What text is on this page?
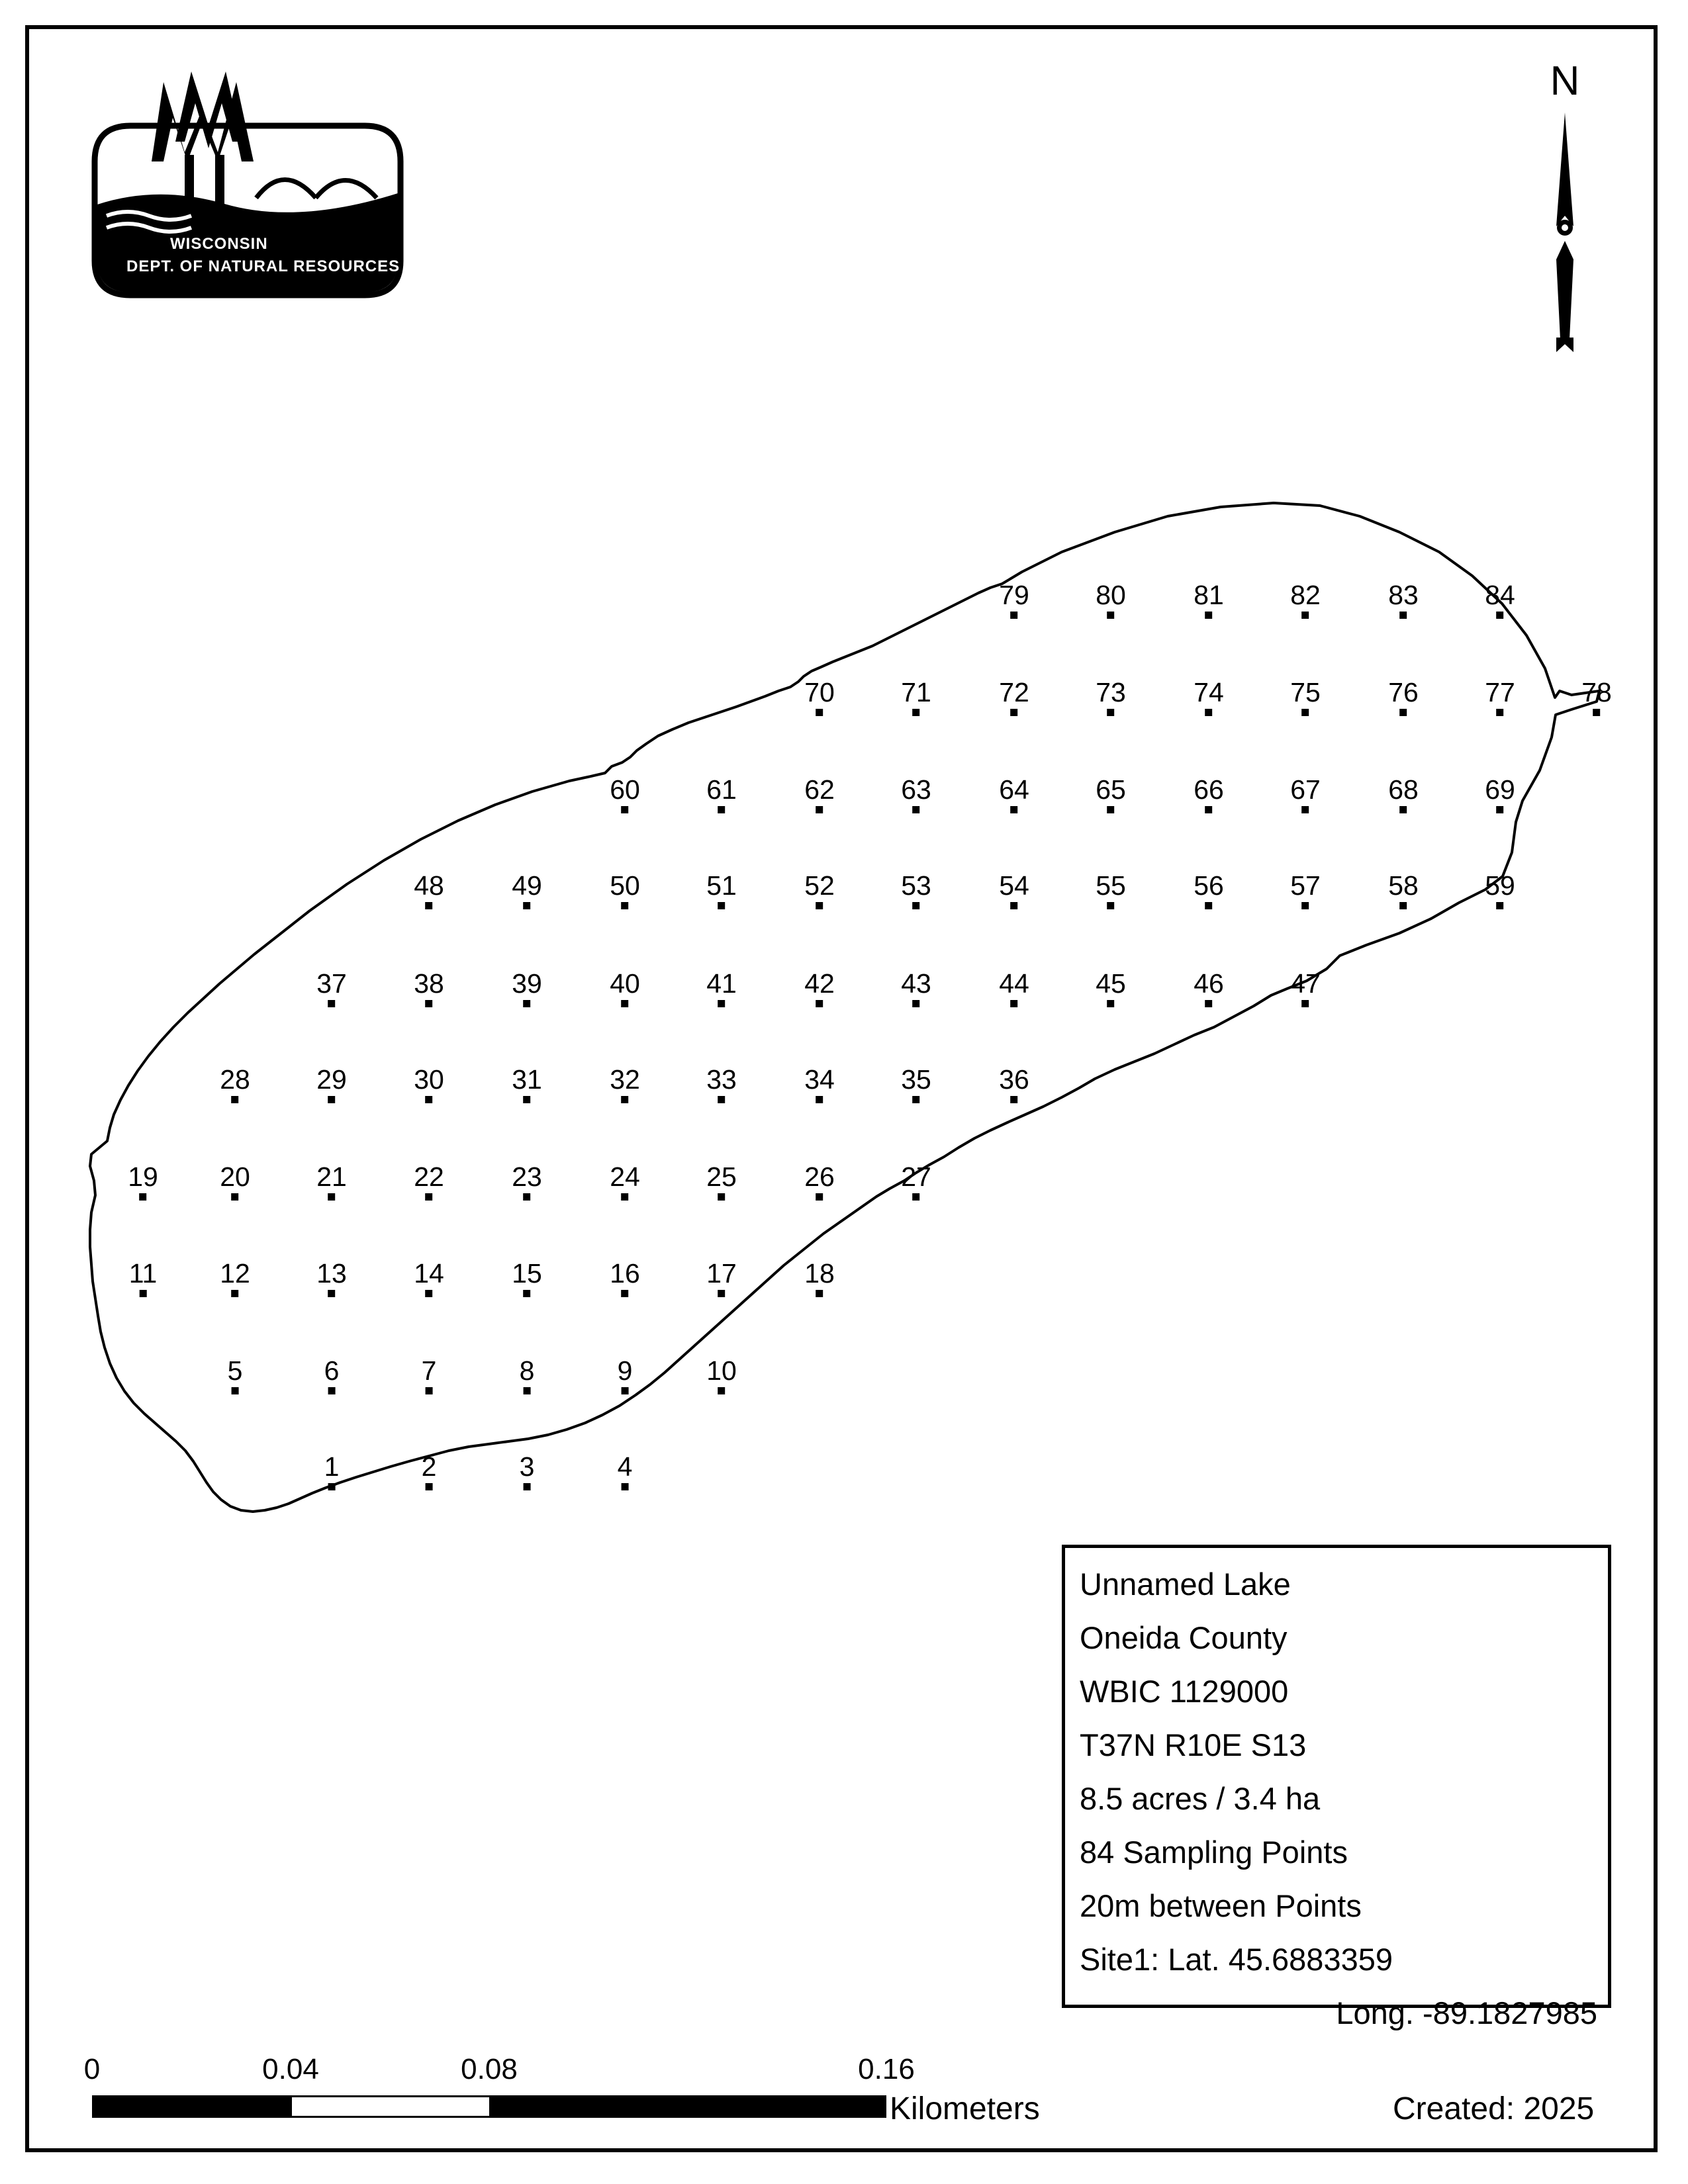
WISCONSIN
DEPT. OF NATURAL RESOURCES
N
1	2	3	4
5	6	7	8	9	10
11 12 13 14 15 16 17 18
19 20 21 22 23 24 25 26 27
28 29 30 31 32 33 34 35 36
37 38 39 40 41 42 43 44 45 46 47
48 49 50 51 52 53 54 55 56 57 58 59
60 61 62 63 64 65 66 67 68 69
70 71 72 73 74 75 76 77 78
79 80 81 82 83 84
Unnamed Lake
Oneida County
WBIC 1129000
T37N R10E S13
8.5 acres / 3.4 ha
84 Sampling Points
20m between Points
Site1: Lat. 45.6883359
Long. -89.1827985
0	0.04	0.08	0.16
Kilometers	Created: 2025
